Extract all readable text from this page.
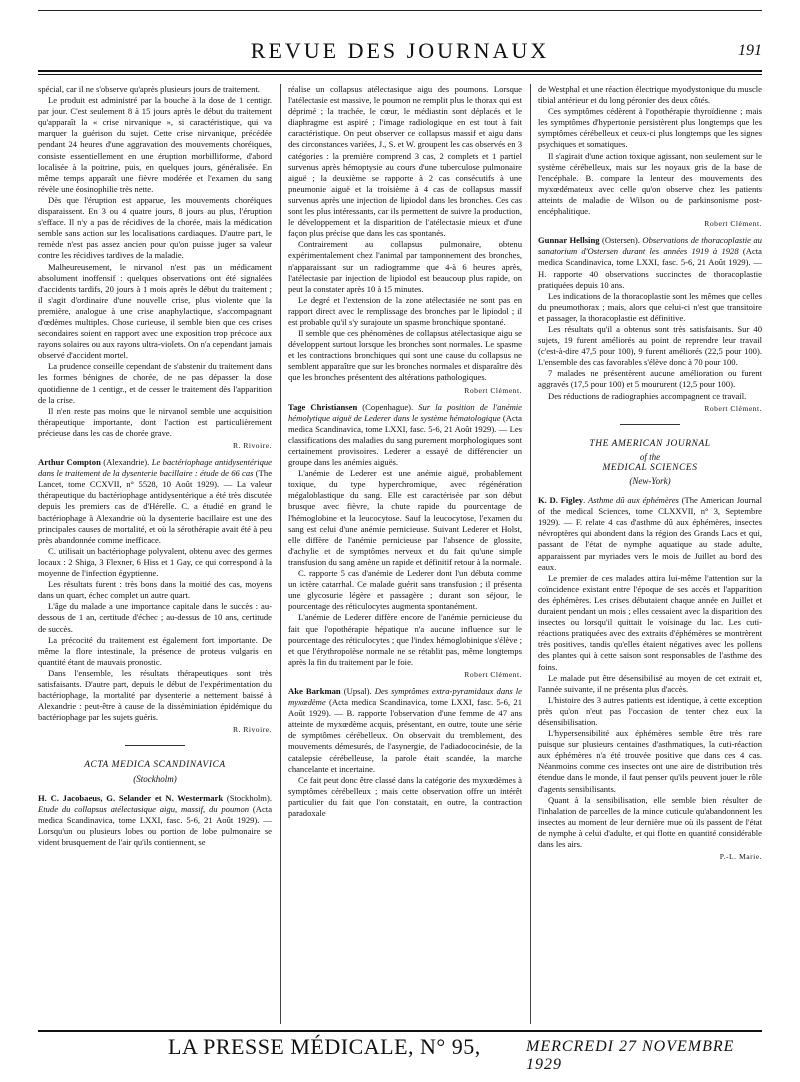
REVUE DES JOURNAUX	191

spécial, car il ne s'observe qu'après plusieurs jours de traitement.

Le produit est administré par la bouche à la dose de 1 centigr. par jour. C'est seulement 8 à 15 jours après le début du traitement qu'apparaît la « crise nirvanique », si caractéristique, qui va marquer la guérison du sujet. Cette crise nirvanique, précédée pendant 24 heures d'une aggravation des mouvements choréiques, consiste essentiellement en une éruption morbilliforme, d'abord localisée à la poitrine, puis, en quelques jours, généralisée. En même temps apparaît une fièvre modérée et l'examen du sang révèle une éosinophilie très nette.

Dès que l'éruption est apparue, les mouvements choréiques disparaissent. En 3 ou 4 quatre jours, 8 jours au plus, l'éruption s'efface. Il n'y a pas de récidives de la chorée, mais la médication semble sans action sur les localisations cardiaques. D'autre part, le remède n'est pas assez ancien pour qu'on puisse juger sa valeur contre les récidives tardives de la maladie.

Malheureusement, le nirvanol n'est pas un médicament absolument inoffensif : quelques observations ont été signalées d'accidents tardifs, 20 jours à 1 mois après le début du traitement ; il s'agit d'ordinaire d'une nouvelle crise, plus violente que la première, analogue à une crise anaphylactique, s'accompagnant d'œdèmes multiples. Chose curieuse, il semble bien que ces crises secondaires soient en rapport avec une exposition trop précoce aux rayons solaires ou aux rayons ultra-violets. On n'a cependant jamais observé d'accident mortel.

La prudence conseille cependant de s'abstenir du traitement dans les formes bénignes de chorée, de ne pas dépasser la dose quotidienne de 1 centigr., et de cesser le traitement dès l'apparition de la crise.

Il n'en reste pas moins que le nirvanol semble une acquisition thérapeutique importante, dont l'action est particulièrement précieuse dans les cas de chorée grave.

R. Rivoire.

Arthur Compton (Alexandrie). Le bactériophage antidysentérique dans le traitement de la dysenterie bacillaire : étude de 66 cas (The Lancet, tome CCXVII, n° 5528, 10 Août 1929). — La valeur thérapeutique du bactériophage antidysentérique a été très discutée depuis les premiers cas de d'Hérelle. C. a étudié en grand le bactériophage à Alexandrie où la dysenterie bacillaire est une des principales causes de mortalité, et où la sérothérapie avait été à peu près abandonnée comme inefficace.

C. utilisait un bactériophage polyvalent, obtenu avec des germes locaux : 2 Shiga, 3 Flexner, 6 Hiss et 1 Gay, ce qui correspond à la moyenne de l'infection égyptienne.

Les résultats furent : très bons dans la moitié des cas, moyens dans un quart, échec complet un autre quart.

L'âge du malade a une importance capitale dans le succès : au-dessous de 1 an, certitude d'échec ; au-dessus de 10 ans, certitude de succès.

La précocité du traitement est également fort importante. De même la flore intestinale, la présence de proteus vulgaris en quantité étant de mauvais pronostic.

Dans l'ensemble, les résultats thérapeutiques sont très satisfaisants. D'autre part, depuis le début de l'expérimentation du bactériophage, la mortalité par dysenterie a nettement baissé à Alexandrie : peut-être à cause de la disséminiation épidémique du bactériophage par les sujets guéris.

R. Rivoire.
ACTA MEDICA SCANDINAVICA
(Stockholm)

H. C. Jacobaeus, G. Selander et N. Westermark (Stockholm). Etude du collapsus atélectasique aigu, massif, du poumon (Acta medica Scandinavica, tome LXXI, fasc. 5-6, 21 Août 1929). — Lorsqu'un ou plusieurs lobes ou portion de lobe pulmonaire se vident brusquement de l'air qu'ils contiennent, se

réalise un collapsus atélectasique aigu des poumons. Lorsque l'atélectasie est massive, le poumon ne remplit plus le thorax qui est déprimé ; la trachée, le cœur, le médiastin sont déplacés et le diaphragme est aspiré ; l'image radiologique en est tout à fait caractéristique. On peut observer ce collapsus massif et aigu dans des circonstances variées, J., S. et W. groupent les cas observés en 3 catégories : la première comprend 3 cas, 2 complets et 1 partiel survenus après hémoptysie au cours d'une tuberculose pulmonaire aiguë ; la deuxième se rapporte à 2 cas consécutifs à une pneumonie aiguë et la troisième à 4 cas de collapsus massif survenus après une injection de lipiodol dans les bronches. Ces cas sont les plus intéressants, car ils permettent de suivre la production, le développement et la disparition de l'atélectasie mieux et d'une façon plus précise que dans les cas spontanés.

Contrairement au collapsus pulmonaire, obtenu expérimentalement chez l'animal par tamponnement des bronches, n'apparaissant sur un radiogramme que 4-à 6 heures après, l'atélectasie par injection de lipiodol est beaucoup plus rapide, on peut la constater après 10 à 15 minutes.

Le degré et l'extension de la zone atélectasiée ne sont pas en rapport direct avec le remplissage des bronches par le lipiodol ; il est probable qu'il s'y surajoute un spasme bronchique spontané.

Il semble que ces phénomènes de collapsus atélectasique aigu se développent surtout lorsque les bronches sont normales. Le spasme et les contractions bronchiques qui sont une cause du collapsus ne semblent apparaître que sur les bronches normales et disparaître dès que les bronches présentent des altérations pathologiques.

Robert Clément.

Tage Christiansen (Copenhague). Sur la position de l'anémie hémolytique aiguë de Lederer dans le système hématologique (Acta medica Scandinavica, tome LXXI, fasc. 5-6, 21 Août 1929). — Les classifications des maladies du sang purement morphologiques sont certainement provisoires. Lederer a essayé de différencier un groupe dans les anémies aiguës.

L'anémie de Lederer est une anémie aiguë, probablement toxique, du type hyperchromique, avec régénération mégaloblastique du sang. Elle est caractérisée par son début brusque avec fièvre, la chute rapide du pourcentage de l'hémoglobine et la leucocytose. Sauf la leucocytose, l'examen du sang est celui d'une anémie pernicieuse. Suivant Lederer et Holst, elle diffère de l'anémie pernicieuse par l'absence de glossite, d'achylie et de symptômes nerveux et du fait qu'une simple transfusion du sang amène un rapide et définitif retour à la normale.

C. rapporte 5 cas d'anémie de Lederer dont l'un débuta comme un ictère catarrhal. Ce malade guérit sans transfusion ; il présenta une glycosurie légère et passagère ; durant son séjour, le pourcentage des réticulocytes augmenta spontanément.

L'anémie de Lederer diffère encore de l'anémie pernicieuse du fait que l'opothérapie hépatique n'a aucune influence sur le pourcentage des réticulocytes ; que l'index hémoglobinique s'élève ; et que l'érythropoïèse normale ne se rétablit pas, même longtemps après la fin du traitement par le foie.

Robert Clément.

Ake Barkman (Upsal). Des symptômes extra-pyramidaux dans le myxœdème (Acta medica Scandinavica, tome LXXI, fasc. 5-6, 21 Août 1929). — B. rapporte l'observation d'une femme de 47 ans atteinte de myxœdème acquis, présentant, en outre, toute une série de symptômes cérébelleux. On observait du tremblement, des mouvements démesurés, de l'asynergie, de l'adiadococinésie, de la catalepsie cérébelleuse, la parole était scandée, la marche chancelante et incertaine.

Ce fait peut donc être classé dans la catégorie des myxœdèmes à symptômes cérébelleux ; mais cette observation offre un intérêt particulier du fait que l'on constatait, en outre, la contraction paradoxale

de Westphal et une réaction électrique myodystonique du muscle tibial antérieur et du long péronier des deux côtés.

Ces symptômes cédèrent à l'opothérapie thyroïdienne ; mais les symptômes d'hypertonie persistèrent plus longtemps que les symptômes cérébelleux et ceux-ci plus longtemps que les signes psychiques et somatiques.

Il s'agirait d'une action toxique agissant, non seulement sur le système cérébelleux, mais sur les noyaux gris de la base de l'encéphale. B. compare la lenteur des mouvements des myxœdémateux avec celle qu'on observe chez les patients atteints de maladie de Wilson ou de parkinsonisme post-encéphalitique.

Robert Clément.

Gunnar Hellsing (Ostersen). Observations de thoracoplastie au sanatorium d'Ostersen durant les années 1919 à 1928 (Acta medica Scandinavica, tome LXXI, fasc. 5-6, 21 Août 1929). — H. rapporte 40 observations succinctes de thoracoplastie pratiquées depuis 10 ans.

Les indications de la thoracoplastie sont les mêmes que celles du pneumothorax ; mais, alors que celui-ci n'est que transitoire et passager, la thoracoplastie est définitive.

Les résultats qu'il a obtenus sont très satisfaisants. Sur 40 sujets, 19 furent améliorés au point de reprendre leur travail (c'est-à-dire 47,5 pour 100), 9 furent améliorés (22,5 pour 100). L'ensemble des cas favorables s'élève donc à 70 pour 100.

7 malades ne présentèrent aucune amélioration ou furent aggravés (17,5 pour 100) et 5 moururent (12,5 pour 100).

Des réductions de radiographies accompagnent ce travail.

Robert Clément.
THE AMERICAN JOURNAL
of the
MEDICAL SCIENCES
(New-York)

K. D. Figley. Asthme dû aux éphémères (The American Journal of the medical Sciences, tome CLXXVII, n° 3, Septembre 1929). — F. relate 4 cas d'asthme dû aux éphémères, insectes névroptères qui abondent dans la région des Grands Lacs et qui, passant de l'état de nymphe aquatique au stade adulte, apparaissent par myriades vers le mois de Juillet au bord des eaux.

Le premier de ces malades attira lui-même l'attention sur la coïncidence existant entre l'époque de ses accès et l'apparition des éphémères. Les crises débutaient chaque année en Juillet et duraient pendant un mois ; elles cessaient avec la disparition des insectes ou lorsqu'il quittait le voisinage du lac. Les cuti-réactions pratiquées avec des extraits d'éphémères se montrèrent très positives, tandis qu'elles étaient négatives avec les pollens des plantes qui à cette saison sont responsables de l'asthme des foins.

Le malade put être désensibilisé au moyen de cet extrait et, l'année suivante, il ne présenta plus d'accès.

L'histoire des 3 autres patients est identique, à cette exception près qu'on n'eut pas l'occasion de tenter chez eux la désensibilisation.

L'hypersensibilité aux éphémères semble être très rare puisque sur plusieurs centaines d'asthmatiques, la cuti-réaction aux éphémères n'a été trouvée positive que dans ces 4 cas. Néanmoins comme ces insectes ont une aire de distribution très étendue dans le monde, il faut penser qu'ils peuvent jouer le rôle d'agents sensibilisants.

Quant à la sensibilisation, elle semble bien résulter de l'inhalation de parcelles de la mince cuticule qu'abandonnent les insectes au moment de leur dernière mue où ils passent de l'état de nymphe à celui d'adulte, et qui flotte en quantité considérable dans les airs.

P.-L. Marie.
LA PRESSE MÉDICALE, N° 95,	MERCREDI 27 NOVEMBRE 1929
